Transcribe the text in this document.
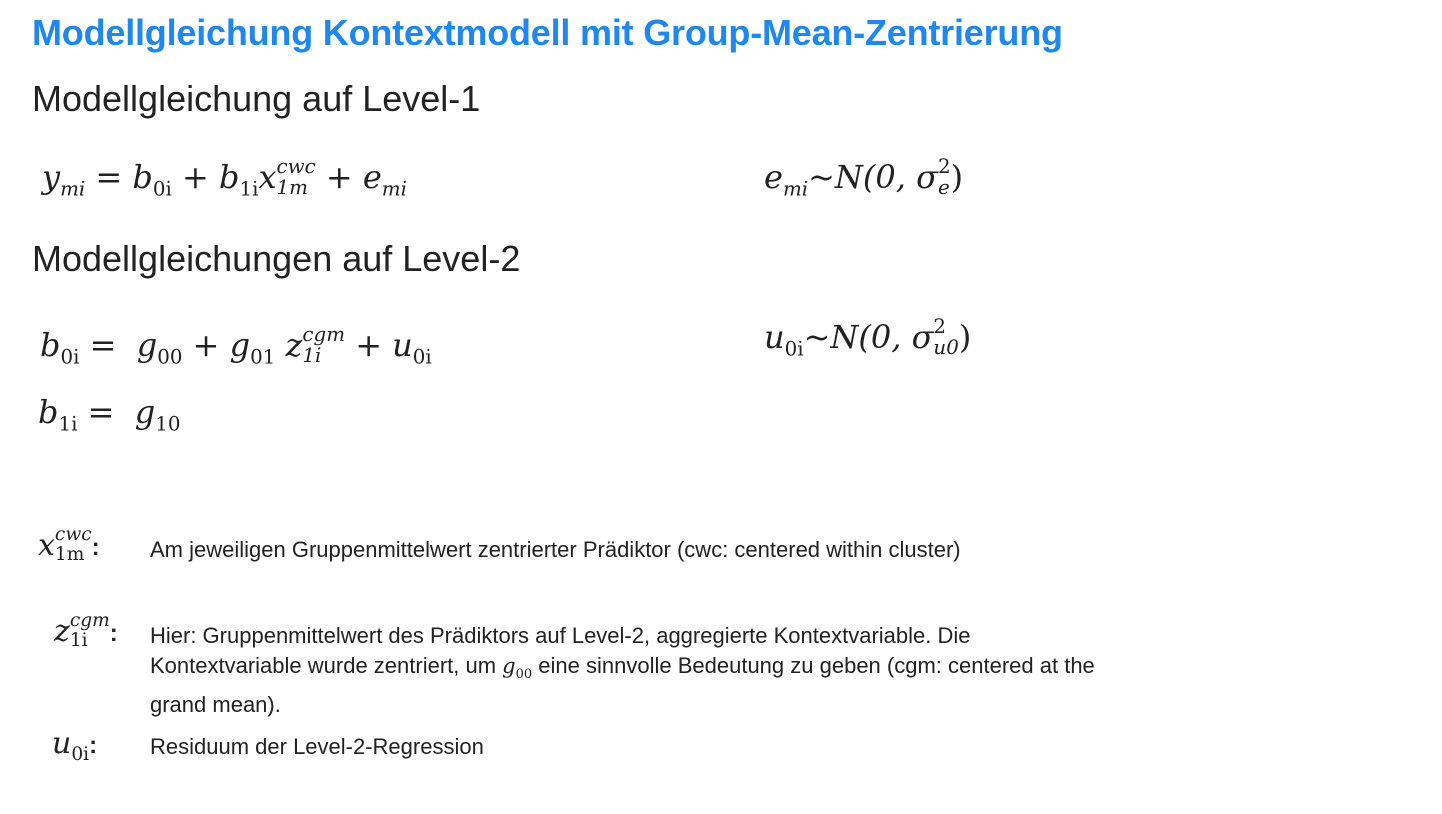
Modellgleichung Kontextmodell mit Group-Mean-Zentrierung
Modellgleichung auf Level-1
$y_{mi} = b_{0i} + b_{1i}x$ cwc
$1m + e_{mi}$	$e_{mi}\sim N(0$, σ 2
e )
Modellgleichungen auf Level-2
$b_{0i} = g_{00} + g_{01}$ z cgm
$1i + u_{0i}$
$b_{1i} = g_{10}$
$u_{0i}\sim N(0$, σ 2
u0 )
x cwc
1m : Am jeweiligen Gruppenmittelwert zentrierter Prädiktor (cwc: centered within cluster)
z cgm
1i : Hier: Gruppenmittelwert des Prädiktors auf Level-2, aggregierte Kontextvariable. Die
Kontextvariable wurde zentriert, um $g_{00}$ eine sinnvolle Bedeutung zu geben (cgm: centered at the
grand mean).
$u_{0i}$: Residuum der Level-2-Regression
